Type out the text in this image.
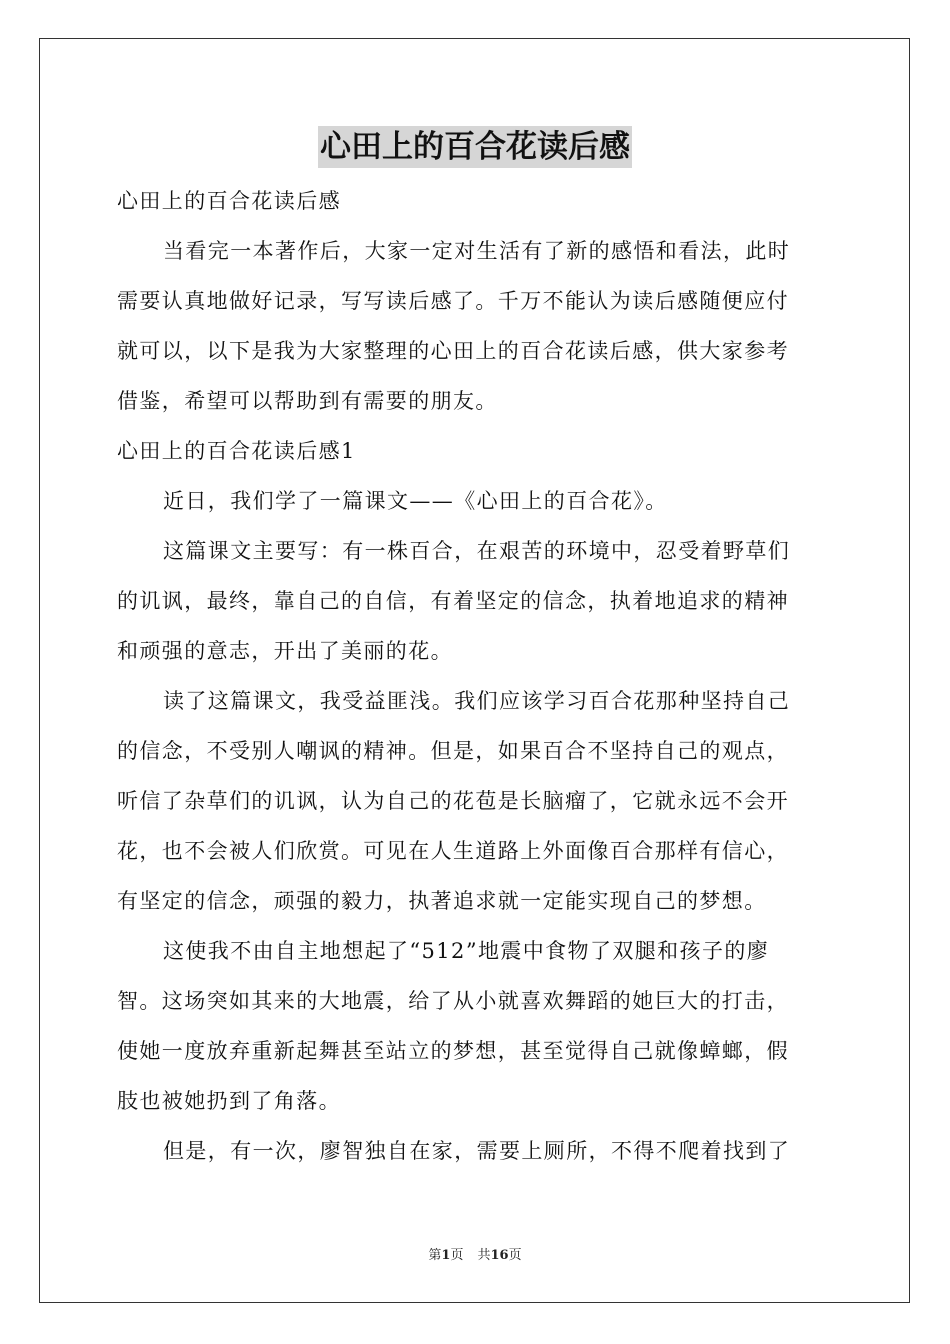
心田上的百合花读后感
心田上的百合花读后感
当看完一本著作后，大家一定对生活有了新的感悟和看法，此时
需要认真地做好记录，写写读后感了。千万不能认为读后感随便应付
就可以，以下是我为大家整理的心田上的百合花读后感，供大家参考
借鉴，希望可以帮助到有需要的朋友。
心田上的百合花读后感1
近日，我们学了一篇课文——《心田上的百合花》。
这篇课文主要写：有一株百合，在艰苦的环境中，忍受着野草们
的讥讽，最终，靠自己的自信，有着坚定的信念，执着地追求的精神
和顽强的意志，开出了美丽的花。
读了这篇课文，我受益匪浅。我们应该学习百合花那种坚持自己
的信念，不受别人嘲讽的精神。但是，如果百合不坚持自己的观点，
听信了杂草们的讥讽，认为自己的花苞是长脑瘤了，它就永远不会开
花，也不会被人们欣赏。可见在人生道路上外面像百合那样有信心，
有坚定的信念，顽强的毅力，执著追求就一定能实现自己的梦想。
这使我不由自主地想起了“512”地震中食物了双腿和孩子的廖
智。这场突如其来的大地震，给了从小就喜欢舞蹈的她巨大的打击，
使她一度放弃重新起舞甚至站立的梦想，甚至觉得自己就像蟑螂，假
肢也被她扔到了角落。
但是，有一次，廖智独自在家，需要上厕所，不得不爬着找到了
第1页 共16页
